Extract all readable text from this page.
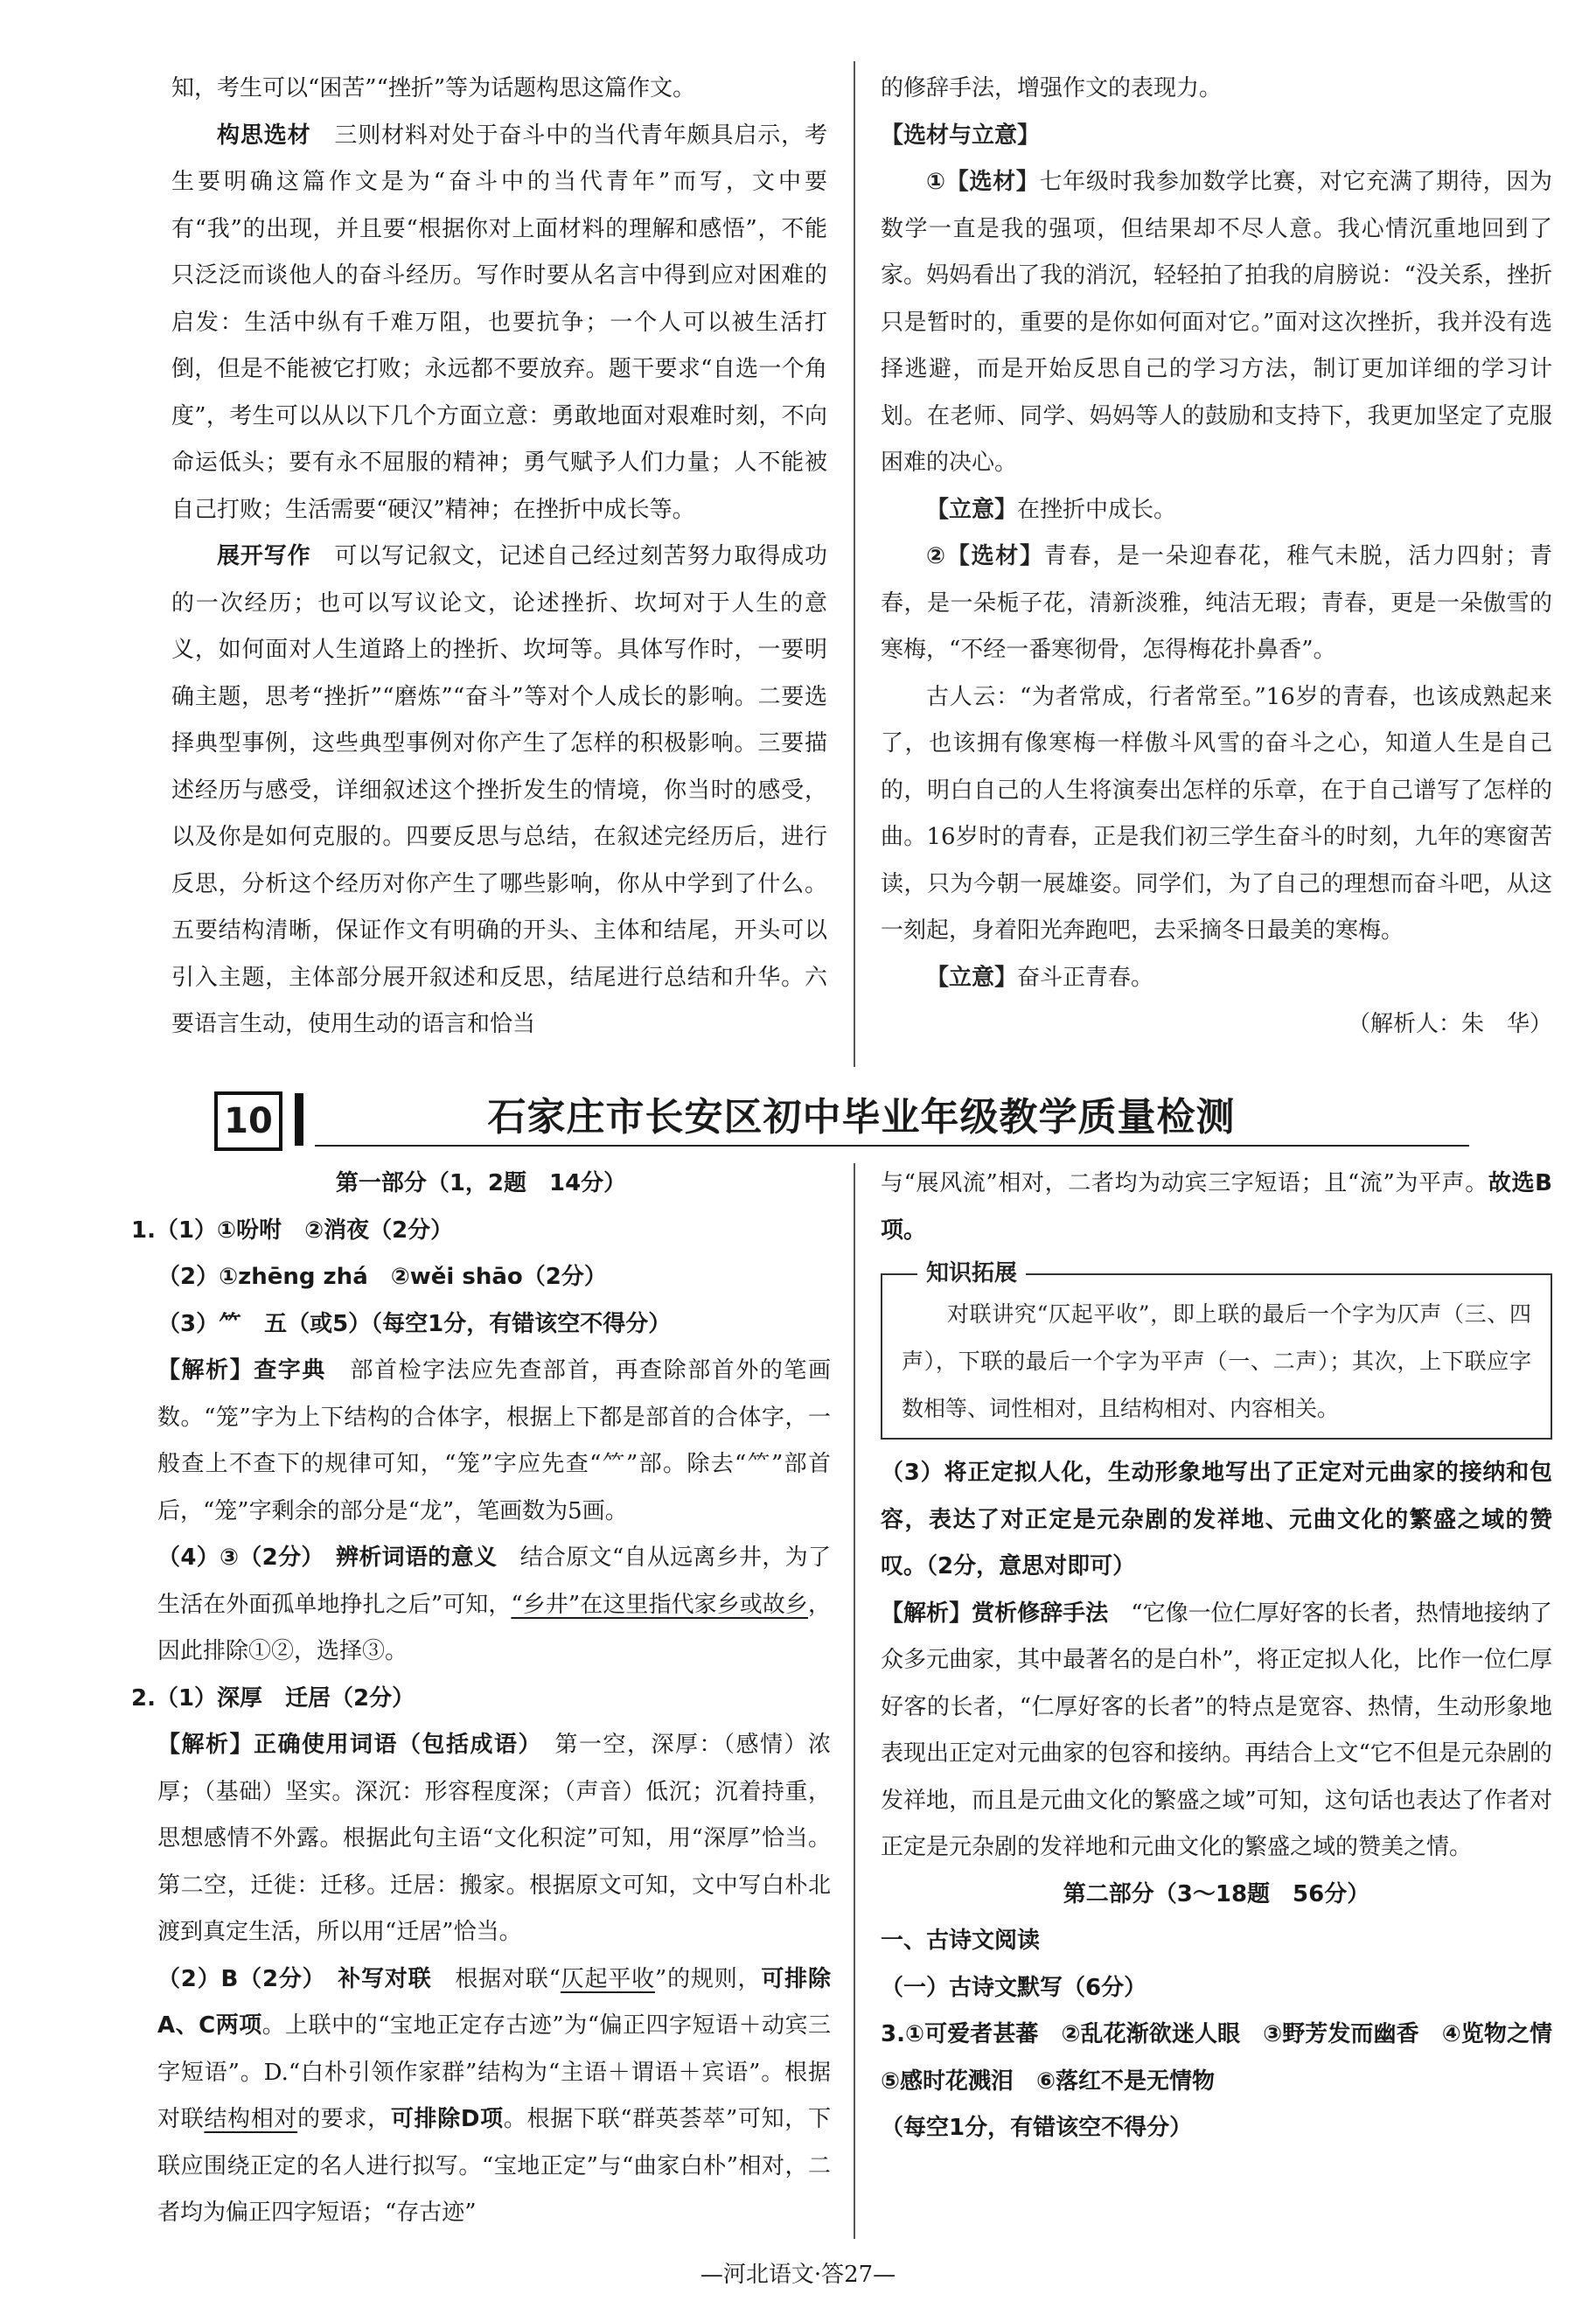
知，考生可以“困苦”“挫折”等为话题构思这篇作文。

构思选材　 三则材料对处于奋斗中的当代青年颇具启示，考生要明确这篇作文是为“奋斗中的当代青年”而写，文中要有“我”的出现，并且要“根据你对上面材料的理解和感悟”，不能只泛泛而谈他人的奋斗经历。写作时要从名言中得到应对困难的启发：生活中纵有千难万阻，也要抗争；一个人可以被生活打倒，但是不能被它打败；永远都不要放弃。题干要求“自选一个角度”，考生可以从以下几个方面立意：勇敢地面对艰难时刻，不向命运低头；要有永不屈服的精神；勇气赋予人们力量；人不能被自己打败；生活需要“硬汉”精神；在挫折中成长等。

展开写作　 可以写记叙文，记述自己经过刻苦努力取得成功的一次经历；也可以写议论文，论述挫折、坎坷对于人生的意义，如何面对人生道路上的挫折、坎坷等。具体写作时，一要明确主题，思考“挫折”“磨炼”“奋斗”等对个人成长的影响。二要选择典型事例，这些典型事例对你产生了怎样的积极影响。三要描述经历与感受，详细叙述这个挫折发生的情境，你当时的感受，以及你是如何克服的。四要反思与总结，在叙述完经历后，进行反思，分析这个经历对你产生了哪些影响，你从中学到了什么。五要结构清晰，保证作文有明确的开头、主体和结尾，开头可以引入主题，主体部分展开叙述和反思，结尾进行总结和升华。六要语言生动，使用生动的语言和恰当

的修辞手法，增强作文的表现力。

【选材与立意】

①【选材】七年级时我参加数学比赛，对它充满了期待，因为数学一直是我的强项，但结果却不尽人意。我心情沉重地回到了家。妈妈看出了我的消沉，轻轻拍了拍我的肩膀说：“没关系，挫折只是暂时的，重要的是你如何面对它。”面对这次挫折，我并没有选择逃避，而是开始反思自己的学习方法，制订更加详细的学习计划。在老师、同学、妈妈等人的鼓励和支持下，我更加坚定了克服困难的决心。

【立意】在挫折中成长。

②【选材】青春，是一朵迎春花，稚气未脱，活力四射；青春，是一朵栀子花，清新淡雅，纯洁无瑕；青春，更是一朵傲雪的寒梅，“不经一番寒彻骨，怎得梅花扑鼻香”。

古人云：“为者常成，行者常至。”16岁的青春，也该成熟起来了，也该拥有像寒梅一样傲斗风雪的奋斗之心，知道人生是自己的，明白自己的人生将演奏出怎样的乐章，在于自己谱写了怎样的曲。16岁时的青春，正是我们初三学生奋斗的时刻，九年的寒窗苦读，只为今朝一展雄姿。同学们，为了自己的理想而奋斗吧，从这一刻起，身着阳光奔跑吧，去采摘冬日最美的寒梅。

【立意】奋斗正青春。

（解析人：朱　华）

10	石家庄市长安区初中毕业年级教学质量检测

第一部分（1，2题　14分）

1.（1）①吩咐　②消夜（2分）

（2）①zhēng zhá　②wěi shāo（2分）

（3）⺮　五（或5）（每空1分，有错该空不得分）

【解析】查字典　 部首检字法应先查部首，再查除部首外的笔画数。“笼”字为上下结构的合体字，根据上下都是部首的合体字，一般查上不查下的规律可知，“笼”字应先查“⺮”部。除去“⺮”部首后，“笼”字剩余的部分是“龙”，笔画数为5画。

（4）③（2分）　辨析词语的意义　 结合原文“自从远离乡井，为了生活在外面孤单地挣扎之后”可知，“乡井”在这里指代家乡或故乡，因此排除①②，选择③。

2.（1）深厚　迁居（2分）

【解析】正确使用词语（包括成语）　 第一空，深厚：（感情）浓厚；（基础）坚实。深沉：形容程度深；（声音）低沉；沉着持重，思想感情不外露。根据此句主语“文化积淀”可知，用“深厚”恰当。第二空，迁徙：迁移。迁居：搬家。根据原文可知，文中写白朴北渡到真定生活，所以用“迁居”恰当。

（2）B（2分）　补写对联　 根据对联“仄起平收”的规则，可排除A、C两项。上联中的“宝地正定存古迹”为“偏正四字短语＋动宾三字短语”。D.“白朴引领作家群”结构为“主语＋谓语＋宾语”。根据对联结构相对的要求，可排除D项。根据下联“群英荟萃”可知，下联应围绕正定的名人进行拟写。“宝地正定”与“曲家白朴”相对，二者均为偏正四字短语；“存古迹”

与“展风流”相对，二者均为动宾三字短语；且“流”为平声。故选B项。

知识拓展

对联讲究“仄起平收”，即上联的最后一个字为仄声（三、四声），下联的最后一个字为平声（一、二声）；其次，上下联应字数相等、词性相对，且结构相对、内容相关。

（3）将正定拟人化，生动形象地写出了正定对元曲家的接纳和包容，表达了对正定是元杂剧的发祥地、元曲文化的繁盛之域的赞叹。（2分，意思对即可）

【解析】赏析修辞手法　 “它像一位仁厚好客的长者，热情地接纳了众多元曲家，其中最著名的是白朴”，将正定拟人化，比作一位仁厚好客的长者，“仁厚好客的长者”的特点是宽容、热情，生动形象地表现出正定对元曲家的包容和接纳。再结合上文“它不但是元杂剧的发祥地，而且是元曲文化的繁盛之域”可知，这句话也表达了作者对正定是元杂剧的发祥地和元曲文化的繁盛之域的赞美之情。

第二部分（3～18题　56分）

一、古诗文阅读

（一）古诗文默写（6分）

3.①可爱者甚蕃　②乱花渐欲迷人眼　③野芳发而幽香　④览物之情　⑤感时花溅泪　⑥落红不是无情物

（每空1分，有错该空不得分）

—河北语文·答27—
